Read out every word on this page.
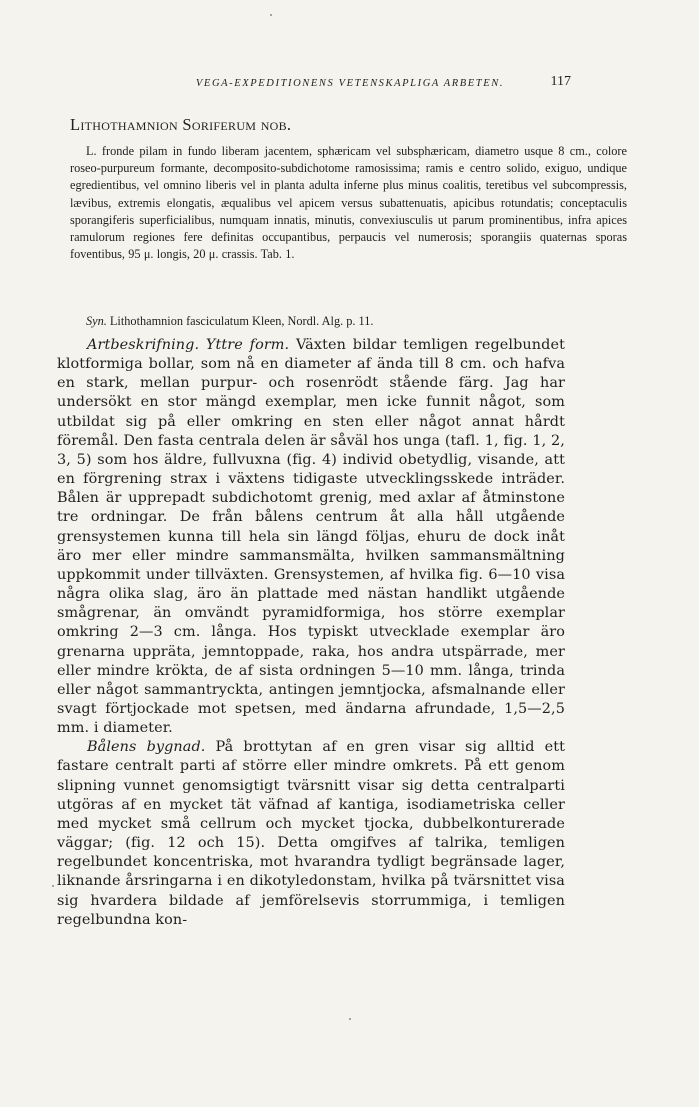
VEGA-EXPEDITIONENS VETENSKAPLIGA ARBETEN.	117
Lithothamnion Soriferum nob.
L. fronde pilam in fundo liberam jacentem, sphæricam vel subsphæricam, diametro usque 8 cm., colore roseo-purpureum formante, decomposito-subdichotome ramosissima; ramis e centro solido, exiguo, undique egredientibus, vel omnino liberis vel in planta adulta inferne plus minus coalitis, teretibus vel subcompressis, lævibus, extremis elongatis, æqualibus vel apicem versus subattenuatis, apicibus rotundatis; conceptaculis sporangiferis superficialibus, numquam innatis, minutis, convexiusculis ut parum prominentibus, infra apices ramulorum regiones fere definitas occupantibus, perpaucis vel numerosis; sporangiis quaternas sporas foventibus, 95 μ. longis, 20 μ. crassis. Tab. 1.
Syn. Lithothamnion fasciculatum Kleen, Nordl. Alg. p. 11.

Artbeskrifning. Yttre form. Växten bildar temligen regelbundet klotformiga bollar, som nå en diameter af ända till 8 cm. och hafva en stark, mellan purpur- och rosenrödt stående färg. Jag har undersökt en stor mängd exemplar, men icke funnit något, som utbildat sig på eller omkring en sten eller något annat hårdt föremål. Den fasta centrala delen är såväl hos unga (tafl. 1, fig. 1, 2, 3, 5) som hos äldre, fullvuxna (fig. 4) individ obetydlig, visande, att en förgrening strax i växtens tidigaste utvecklingsskede inträder. Bålen är upprepadt subdichotomt grenig, med axlar af åtminstone tre ordningar. De från bålens centrum åt alla håll utgående grensystemen kunna till hela sin längd följas, ehuru de dock inåt äro mer eller mindre sammansmälta, hvilken sammansmältning uppkommit under tillväxten. Grensystemen, af hvilka fig. 6—10 visa några olika slag, äro än plattade med nästan handlikt utgående smågrenar, än omvändt pyramidformiga, hos större exemplar omkring 2—3 cm. långa. Hos typiskt utvecklade exemplar äro grenarna uppräta, jemntoppade, raka, hos andra utspärrade, mer eller mindre krökta, de af sista ordningen 5—10 mm. långa, trinda eller något sammantryckta, antingen jemntjocka, afsmalnande eller svagt förtjockade mot spetsen, med ändarna afrundade, 1,5—2,5 mm. i diameter.

Bålens bygnad. På brottytan af en gren visar sig alltid ett fastare centralt parti af större eller mindre omkrets. På ett genom slipning vunnet genomsigtigt tvärsnitt visar sig detta centralparti utgöras af en mycket tät väfnad af kantiga, isodiametriska celler med mycket små cellrum och mycket tjocka, dubbelkonturerade väggar; (fig. 12 och 15). Detta omgifves af talrika, temligen regelbundet koncentriska, mot hvarandra tydligt begränsade lager, liknande årsringarna i en dikotyledonstam, hvilka på tvärsnittet visa sig hvardera bildade af jemförelsevis storrummiga, i temligen regelbundna kon-
